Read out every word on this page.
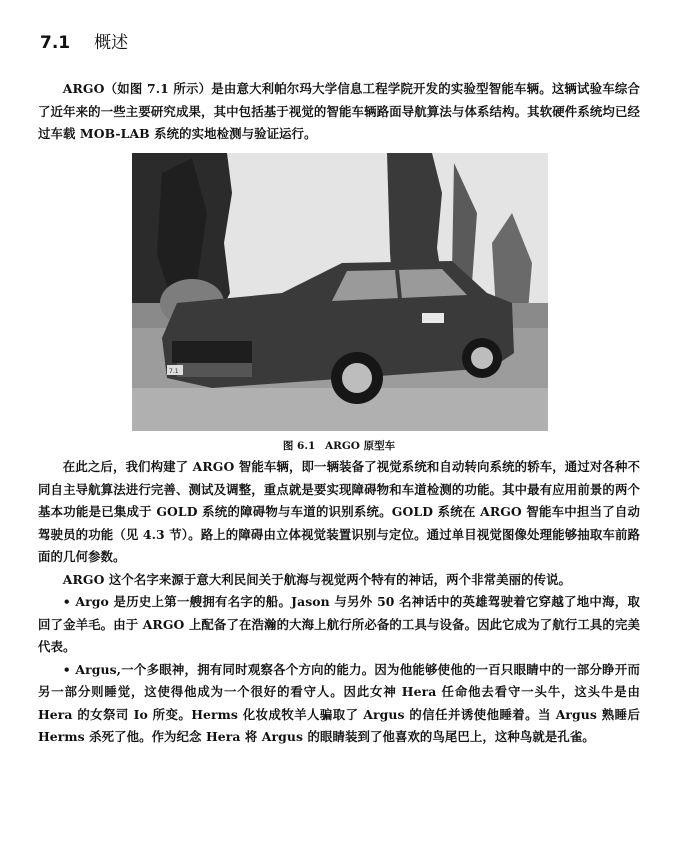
7.1 概述

ARGO（如图 7.1 所示）是由意大利帕尔玛大学信息工程学院开发的实验型智能车辆。这辆试验车综合了近年来的一些主要研究成果，其中包括基于视觉的智能车辆路面导航算法与体系结构。其软硬件系统均已经过车载 MOB-LAB 系统的实地检测与验证运行。

7.1
图 6.1 ARGO 原型车

在此之后，我们构建了 ARGO 智能车辆，即一辆装备了视觉系统和自动转向系统的轿车，通过对各种不同自主导航算法进行完善、测试及调整，重点就是要实现障碍物和车道检测的功能。其中最有应用前景的两个基本功能是已集成于 GOLD 系统的障碍物与车道的识别系统。GOLD 系统在 ARGO 智能车中担当了自动驾驶员的功能（见 4.3 节）。路上的障碍由立体视觉装置识别与定位。通过单目视觉图像处理能够抽取车前路面的几何参数。

ARGO 这个名字来源于意大利民间关于航海与视觉两个特有的神话，两个非常美丽的传说。

• Argo 是历史上第一艘拥有名字的船。Jason 与另外 50 名神话中的英雄驾驶着它穿越了地中海，取回了金羊毛。由于 ARGO 上配备了在浩瀚的大海上航行所必备的工具与设备。因此它成为了航行工具的完美代表。

• Argus,一个多眼神，拥有同时观察各个方向的能力。因为他能够使他的一百只眼睛中的一部分睁开而另一部分则睡觉，这使得他成为一个很好的看守人。因此女神 Hera 任命他去看守一头牛，这头牛是由 Hera 的女祭司 Io 所变。Herms 化妆成牧羊人骗取了 Argus 的信任并诱使他睡着。当 Argus 熟睡后 Herms 杀死了他。作为纪念 Hera 将 Argus 的眼睛装到了他喜欢的鸟尾巴上，这种鸟就是孔雀。
